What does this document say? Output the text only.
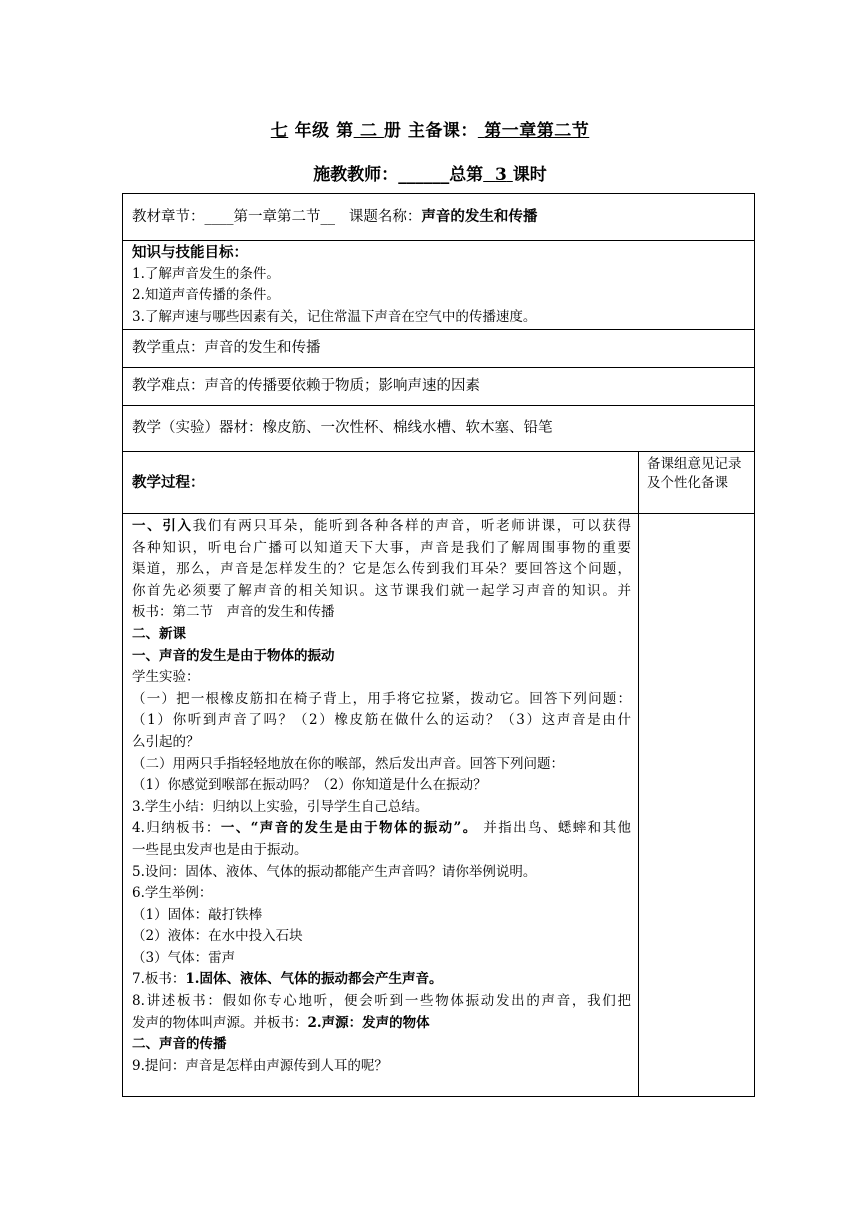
七 年级 第 二 册 主备课： 第一章第二节
施教教师：______总第 3 课时
教材章节：____第一章第二节__ 课题名称：声音的发生和传播
知识与技能目标：
1.了解声音发生的条件。
2.知道声音传播的条件。
3.了解声速与哪些因素有关，记住常温下声音在空气中的传播速度。
教学重点：声音的发生和传播
教学难点：声音的传播要依赖于物质；影响声速的因素
教学（实验）器材：橡皮筋、一次性杯、棉线水槽、软木塞、铅笔
教学过程：
备课组意见记录及个性化备课
一、引入我们有两只耳朵，能听到各种各样的声音，听老师讲课，可以获得
各种知识，听电台广播可以知道天下大事，声音是我们了解周围事物的重要
渠道，那么，声音是怎样发生的？它是怎么传到我们耳朵？要回答这个问题，
你首先必须要了解声音的相关知识。这节课我们就一起学习声音的知识。并
板书：第二节　声音的发生和传播
二、新课
一、声音的发生是由于物体的振动
学生实验：
（一）把一根橡皮筋扣在椅子背上，用手将它拉紧，拨动它。回答下列问题：
（1）你听到声音了吗？（2）橡皮筋在做什么的运动？（3）这声音是由什
么引起的？
（二）用两只手指轻轻地放在你的喉部，然后发出声音。回答下列问题：
（1）你感觉到喉部在振动吗？（2）你知道是什么在振动？
3.学生小结：归纳以上实验，引导学生自己总结。
4.归纳板书：一、“声音的发生是由于物体的振动”。 并指出鸟、蟋蟀和其他
一些昆虫发声也是由于振动。
5.设问：固体、液体、气体的振动都能产生声音吗？请你举例说明。
6.学生举例：
（1）固体：敲打铁棒
（2）液体：在水中投入石块
（3）气体：雷声
7.板书：1.固体、液体、气体的振动都会产生声音。
8.讲述板书：假如你专心地听，便会听到一些物体振动发出的声音，我们把
发声的物体叫声源。并板书：2.声源：发声的物体
二、声音的传播
9.提问：声音是怎样由声源传到人耳的呢？
